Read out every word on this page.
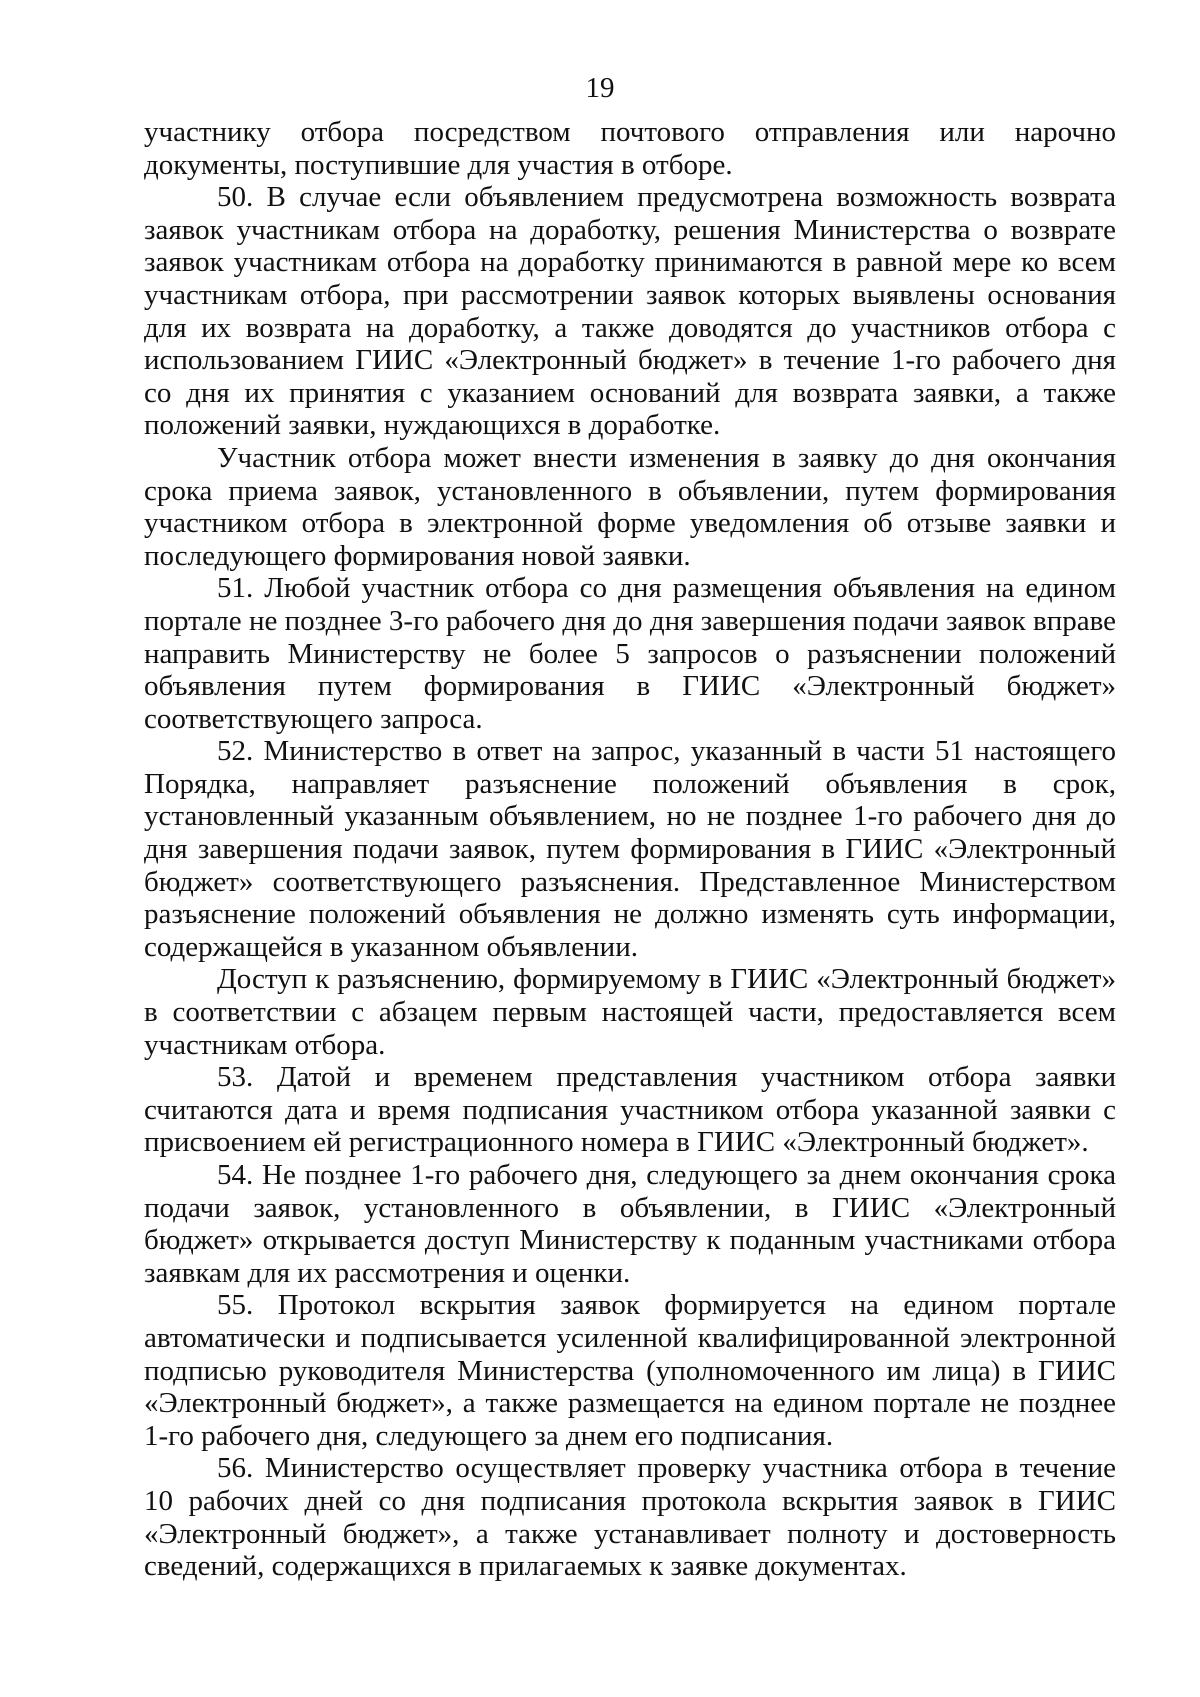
19

участнику отбора посредством почтового отправления или нарочно документы, поступившие для участия в отборе.

50. В случае если объявлением предусмотрена возможность возврата заявок участникам отбора на доработку, решения Министерства о возврате заявок участникам отбора на доработку принимаются в равной мере ко всем участникам отбора, при рассмотрении заявок которых выявлены основания для их возврата на доработку, а также доводятся до участников отбора с использованием ГИИС «Электронный бюджет» в течение 1-го рабочего дня со дня их принятия с указанием оснований для возврата заявки, а также положений заявки, нуждающихся в доработке.

Участник отбора может внести изменения в заявку до дня окончания срока приема заявок, установленного в объявлении, путем формирования участником отбора в электронной форме уведомления об отзыве заявки и последующего формирования новой заявки.

51. Любой участник отбора со дня размещения объявления на едином портале не позднее 3-го рабочего дня до дня завершения подачи заявок вправе направить Министерству не более 5 запросов о разъяснении положений объявления путем формирования в ГИИС «Электронный бюджет» соответствующего запроса.

52. Министерство в ответ на запрос, указанный в части 51 настоящего Порядка, направляет разъяснение положений объявления в срок, установленный указанным объявлением, но не позднее 1-го рабочего дня до дня завершения подачи заявок, путем формирования в ГИИС «Электронный бюджет» соответствующего разъяснения. Представленное Министерством разъяснение положений объявления не должно изменять суть информации, содержащейся в указанном объявлении.

Доступ к разъяснению, формируемому в ГИИС «Электронный бюджет» в соответствии с абзацем первым настоящей части, предоставляется всем участникам отбора.

53. Датой и временем представления участником отбора заявки считаются дата и время подписания участником отбора указанной заявки с присвоением ей регистрационного номера в ГИИС «Электронный бюджет».

54. Не позднее 1-го рабочего дня, следующего за днем окончания срока подачи заявок, установленного в объявлении, в ГИИС «Электронный бюджет» открывается доступ Министерству к поданным участниками отбора заявкам для их рассмотрения и оценки.

55. Протокол вскрытия заявок формируется на едином портале автоматически и подписывается усиленной квалифицированной электронной подписью руководителя Министерства (уполномоченного им лица) в ГИИС «Электронный бюджет», а также размещается на едином портале не позднее 1-го рабочего дня, следующего за днем его подписания.

56. Министерство осуществляет проверку участника отбора в течение 10 рабочих дней со дня подписания протокола вскрытия заявок в ГИИС «Электронный бюджет», а также устанавливает полноту и достоверность сведений, содержащихся в прилагаемых к заявке документах.
